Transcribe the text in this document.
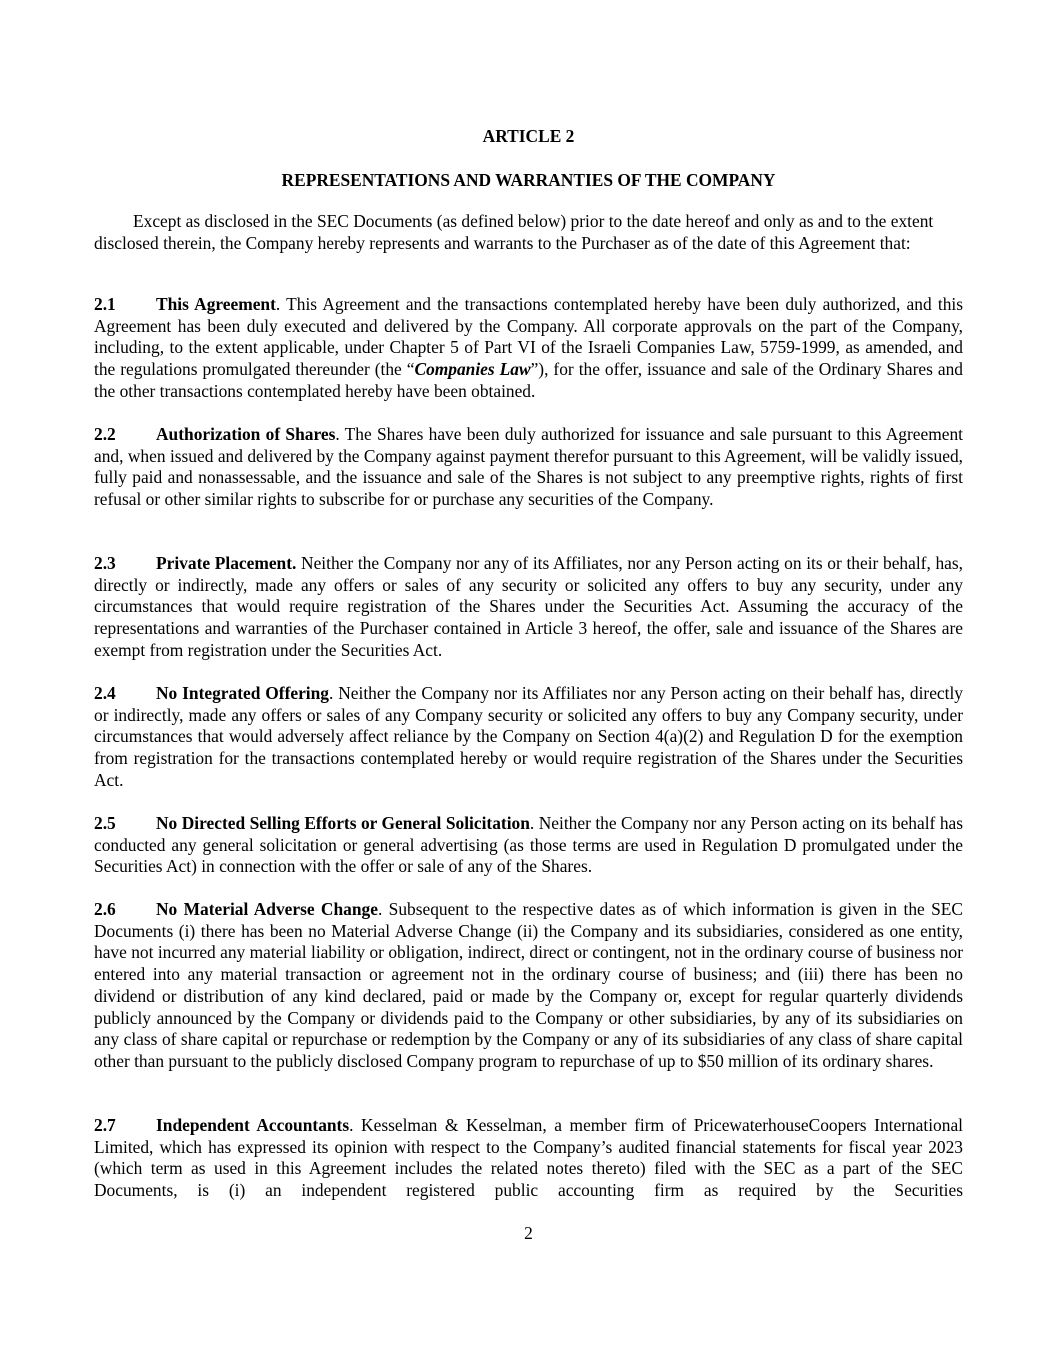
ARTICLE 2
REPRESENTATIONS AND WARRANTIES OF THE COMPANY

Except as disclosed in the SEC Documents (as defined below) prior to the date hereof and only as and to the extent disclosed therein, the Company hereby represents and warrants to the Purchaser as of the date of this Agreement that:

2.1 This Agreement. This Agreement and the transactions contemplated hereby have been duly authorized, and this Agreement has been duly executed and delivered by the Company. All corporate approvals on the part of the Company, including, to the extent applicable, under Chapter 5 of Part VI of the Israeli Companies Law, 5759-1999, as amended, and the regulations promulgated thereunder (the “Companies Law”), for the offer, issuance and sale of the Ordinary Shares and the other transactions contemplated hereby have been obtained.

2.2 Authorization of Shares. The Shares have been duly authorized for issuance and sale pursuant to this Agreement and, when issued and delivered by the Company against payment therefor pursuant to this Agreement, will be validly issued, fully paid and nonassessable, and the issuance and sale of the Shares is not subject to any preemptive rights, rights of first refusal or other similar rights to subscribe for or purchase any securities of the Company.

2.3 Private Placement. Neither the Company nor any of its Affiliates, nor any Person acting on its or their behalf, has, directly or indirectly, made any offers or sales of any security or solicited any offers to buy any security, under any circumstances that would require registration of the Shares under the Securities Act. Assuming the accuracy of the representations and warranties of the Purchaser contained in Article 3 hereof, the offer, sale and issuance of the Shares are exempt from registration under the Securities Act.

2.4 No Integrated Offering. Neither the Company nor its Affiliates nor any Person acting on their behalf has, directly or indirectly, made any offers or sales of any Company security or solicited any offers to buy any Company security, under circumstances that would adversely affect reliance by the Company on Section 4(a)(2) and Regulation D for the exemption from registration for the transactions contemplated hereby or would require registration of the Shares under the Securities Act.

2.5 No Directed Selling Efforts or General Solicitation. Neither the Company nor any Person acting on its behalf has conducted any general solicitation or general advertising (as those terms are used in Regulation D promulgated under the Securities Act) in connection with the offer or sale of any of the Shares.

2.6 No Material Adverse Change. Subsequent to the respective dates as of which information is given in the SEC Documents (i) there has been no Material Adverse Change (ii) the Company and its subsidiaries, considered as one entity, have not incurred any material liability or obligation, indirect, direct or contingent, not in the ordinary course of business nor entered into any material transaction or agreement not in the ordinary course of business; and (iii) there has been no dividend or distribution of any kind declared, paid or made by the Company or, except for regular quarterly dividends publicly announced by the Company or dividends paid to the Company or other subsidiaries, by any of its subsidiaries on any class of share capital or repurchase or redemption by the Company or any of its subsidiaries of any class of share capital other than pursuant to the publicly disclosed Company program to repurchase of up to $50 million of its ordinary shares.

2.7 Independent Accountants. Kesselman & Kesselman, a member firm of PricewaterhouseCoopers International Limited, which has expressed its opinion with respect to the Company’s audited financial statements for fiscal year 2023 (which term as used in this Agreement includes the related notes thereto) filed with the SEC as a part of the SEC Documents, is (i) an independent registered public accounting firm as required by the Securities

2
